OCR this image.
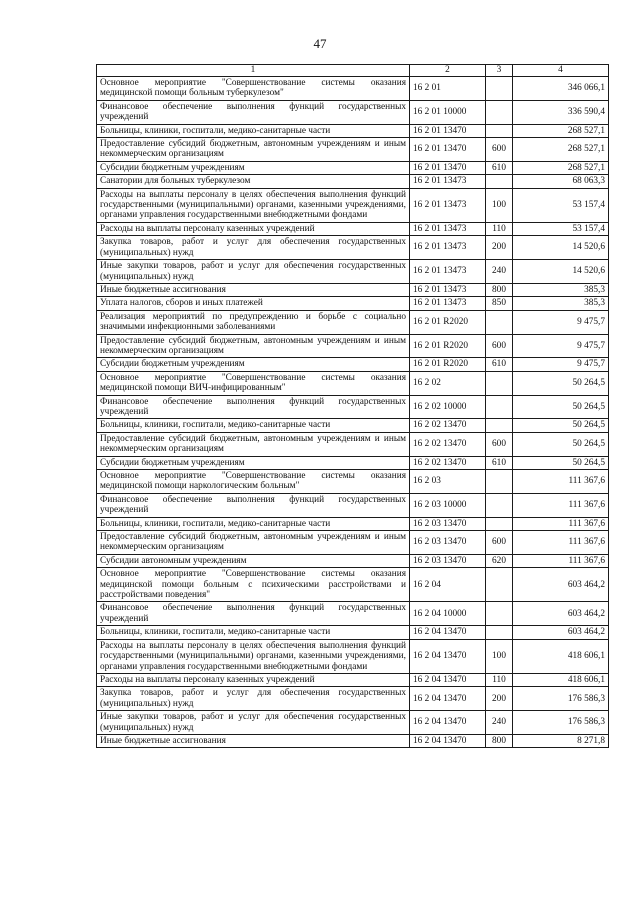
47
1	2	3	4
Основное мероприятие "Совершенствование системы оказания медицинской помощи больным туберкулезом"	16 2 01		346 066,1
Финансовое обеспечение выполнения функций государственных учреждений	16 2 01 10000		336 590,4
Больницы, клиники, госпитали, медико-санитарные части	16 2 01 13470		268 527,1
Предоставление субсидий бюджетным, автономным учреждениям и иным некоммерческим организациям	16 2 01 13470	600	268 527,1
Субсидии бюджетным учреждениям	16 2 01 13470	610	268 527,1
Санатории для больных туберкулезом	16 2 01 13473		68 063,3
Расходы на выплаты персоналу в целях обеспечения выполнения функций государственными (муниципальными) органами, казенными учреждениями, органами управления государственными внебюджетными фондами	16 2 01 13473	100	53 157,4
Расходы на выплаты персоналу казенных учреждений	16 2 01 13473	110	53 157,4
Закупка товаров, работ и услуг для обеспечения государственных (муниципальных) нужд	16 2 01 13473	200	14 520,6
Иные закупки товаров, работ и услуг для обеспечения государственных (муниципальных) нужд	16 2 01 13473	240	14 520,6
Иные бюджетные ассигнования	16 2 01 13473	800	385,3
Уплата налогов, сборов и иных платежей	16 2 01 13473	850	385,3
Реализация мероприятий по предупреждению и борьбе с социально значимыми инфекционными заболеваниями	16 2 01 R2020		9 475,7
Предоставление субсидий бюджетным, автономным учреждениям и иным некоммерческим организациям	16 2 01 R2020	600	9 475,7
Субсидии бюджетным учреждениям	16 2 01 R2020	610	9 475,7
Основное мероприятие "Совершенствование системы оказания медицинской помощи ВИЧ-инфицированным"	16 2 02		50 264,5
Финансовое обеспечение выполнения функций государственных учреждений	16 2 02 10000		50 264,5
Больницы, клиники, госпитали, медико-санитарные части	16 2 02 13470		50 264,5
Предоставление субсидий бюджетным, автономным учреждениям и иным некоммерческим организациям	16 2 02 13470	600	50 264,5
Субсидии бюджетным учреждениям	16 2 02 13470	610	50 264,5
Основное мероприятие "Совершенствование системы оказания медицинской помощи наркологическим больным"	16 2 03		111 367,6
Финансовое обеспечение выполнения функций государственных учреждений	16 2 03 10000		111 367,6
Больницы, клиники, госпитали, медико-санитарные части	16 2 03 13470		111 367,6
Предоставление субсидий бюджетным, автономным учреждениям и иным некоммерческим организациям	16 2 03 13470	600	111 367,6
Субсидии автономным учреждениям	16 2 03 13470	620	111 367,6
Основное мероприятие "Совершенствование системы оказания медицинской помощи больным с психическими расстройствами и расстройствами поведения"	16 2 04		603 464,2
Финансовое обеспечение выполнения функций государственных учреждений	16 2 04 10000		603 464,2
Больницы, клиники, госпитали, медико-санитарные части	16 2 04 13470		603 464,2
Расходы на выплаты персоналу в целях обеспечения выполнения функций государственными (муниципальными) органами, казенными учреждениями, органами управления государственными внебюджетными фондами	16 2 04 13470	100	418 606,1
Расходы на выплаты персоналу казенных учреждений	16 2 04 13470	110	418 606,1
Закупка товаров, работ и услуг для обеспечения государственных (муниципальных) нужд	16 2 04 13470	200	176 586,3
Иные закупки товаров, работ и услуг для обеспечения государственных (муниципальных) нужд	16 2 04 13470	240	176 586,3
Иные бюджетные ассигнования	16 2 04 13470	800	8 271,8
